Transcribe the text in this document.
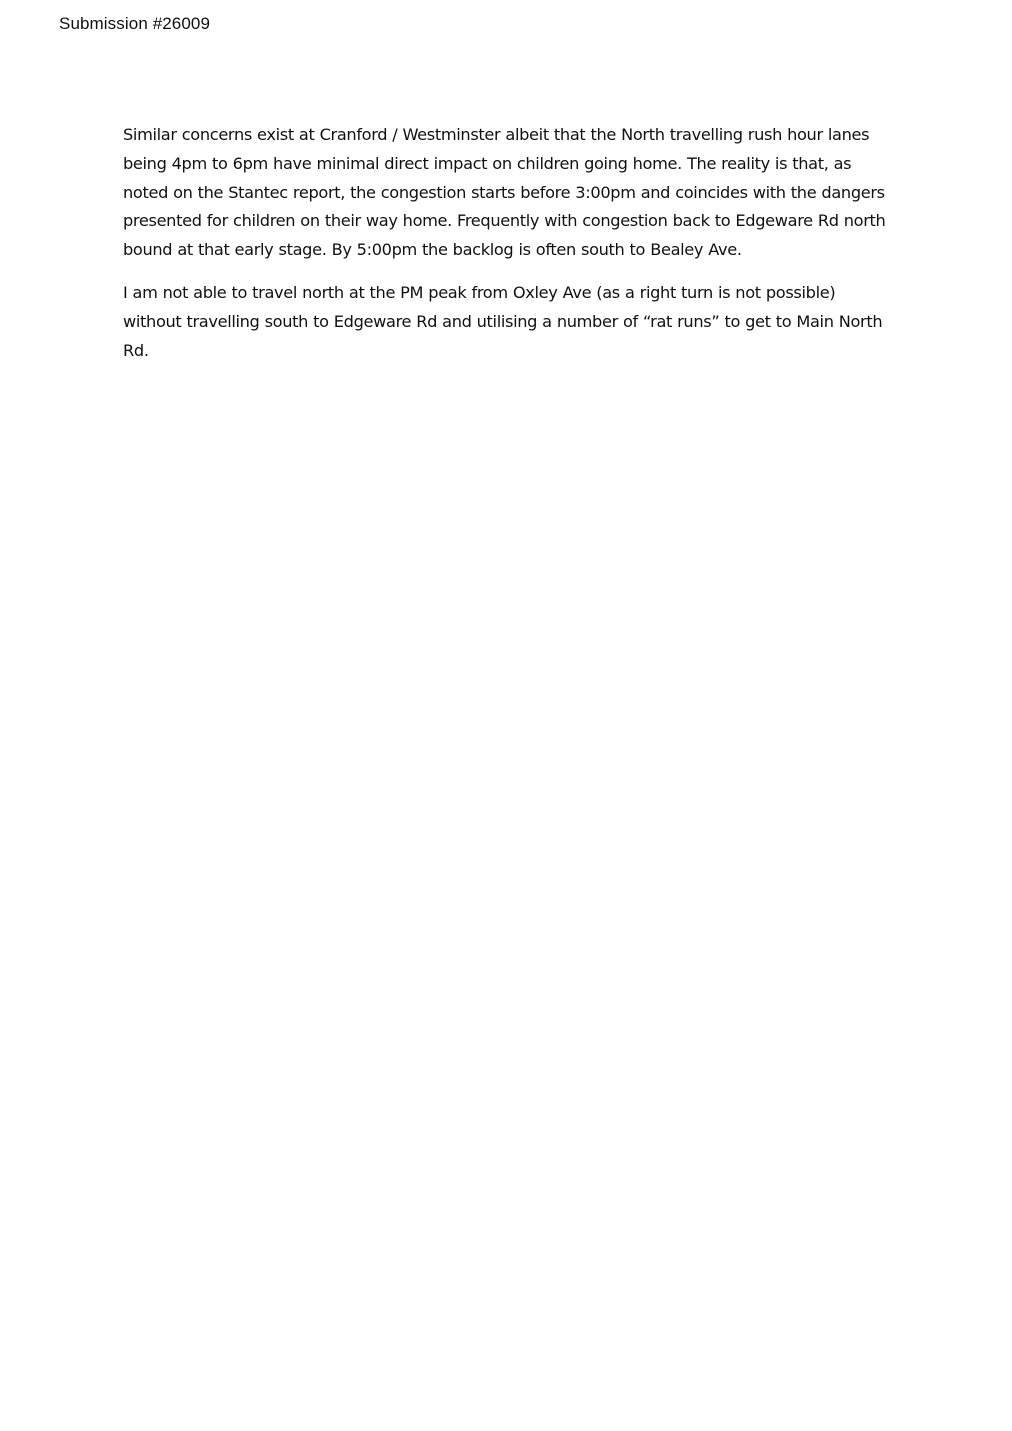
Submission #26009

Similar concerns exist at Cranford / Westminster albeit that the North travelling rush hour lanes being 4pm to 6pm have minimal direct impact on children going home. The reality is that, as noted on the Stantec report, the congestion starts before 3:00pm and coincides with the dangers presented for children on their way home. Frequently with congestion back to Edgeware Rd north bound at that early stage. By 5:00pm the backlog is often south to Bealey Ave.

I am not able to travel north at the PM peak from Oxley Ave (as a right turn is not possible) without travelling south to Edgeware Rd and utilising a number of “rat runs” to get to Main North Rd.
